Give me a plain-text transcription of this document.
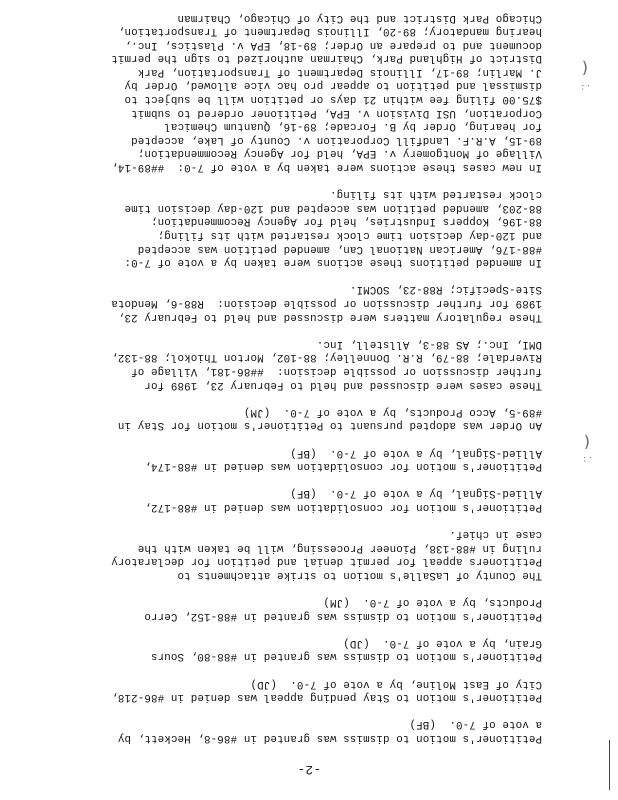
-2-
Petitioner's motion to dismiss was granted in #86-8, Heckett, by
a vote of 7-0.  (BF)
Petitioner's motion to Stay pending appeal was denied in #86-218,
City of East Moline, by a vote of 7-0.  (JD)
Petitioner's motion to dismiss was granted in #88-80, Sours
Grain, by a vote of 7-0.  (JD)
Petitioner's motion to dismiss was granted in #88-152, Cerro
Products, by a vote of 7-0.  (JM)
The County of LaSalle's motion to strike attachments to
Petitioners appeal for permit denial and petition for declaratory
ruling in #88-138, Pioneer Processing, will be taken with the
case in chief.
Petitioner's motion for consolidation was denied in #88-172,
Allied-Signal, by a vote of 7-0.  (BF)
Petitioner's motion for consolidation was denied in #88-174,
Allied-Signal, by a vote of 7-0.  (BF)
An Order was adopted pursuant to Petitioner's motion for Stay in
#89-5, Acco Products, by a vote of 7-0.  (JM)
These cases were discussed and held to February 23, 1989 for
further discussion or possible decision:  ##86-181, Village of
Riverdale; 88-79, R.R. Donnelley; 88-102, Morton Thiokol; 88-132,
DMI, Inc.; AS 88-3, Allstell, Inc.
These regulatory matters were discussed and held to February 23,
1989 for further discussion or possible decision:  R88-6, Mendota
Site-Specific; R88-23, SOCMI.
In amended petitions these actions were taken by a vote of 7-0:
#88-176, American National Can, amended petition was accepted
and 120-day decision time clock restarted with its filing;
88-196, Koppers Industries, held for Agency Recommendation;
88-203, amended petition was accepted and 120-day decision time
clock restarted with its filing.
In new cases these actions were taken by a vote of 7-0:  ##89-14,
Village of Montgomery v. EPA, held for Agency Recommendation;
89-15, A.R.F. Landfill Corporation v. County of Lake, accepted
for hearing, Order by B. Forcade; 89-16, Quantum Chemical
Corporation, USI Division v. EPA, Petitioner ordered to submit
$75.00 filing fee within 21 days or petition will be subject to
dismissal and petition to appear pro hac vice allowed, Order by
J. Marlin; 89-17, Illinois Department of Transportation, Park
District of Highland Park, Chairman authorized to sign the permit
document and to prepare an Order; 89-18, EPA v. Plastics, Inc.,
hearing mandatory; 89-20, Illinois Department of Transportation,
Chicago Park District and the City of Chicago, Chairman
(
. :
(
. :
